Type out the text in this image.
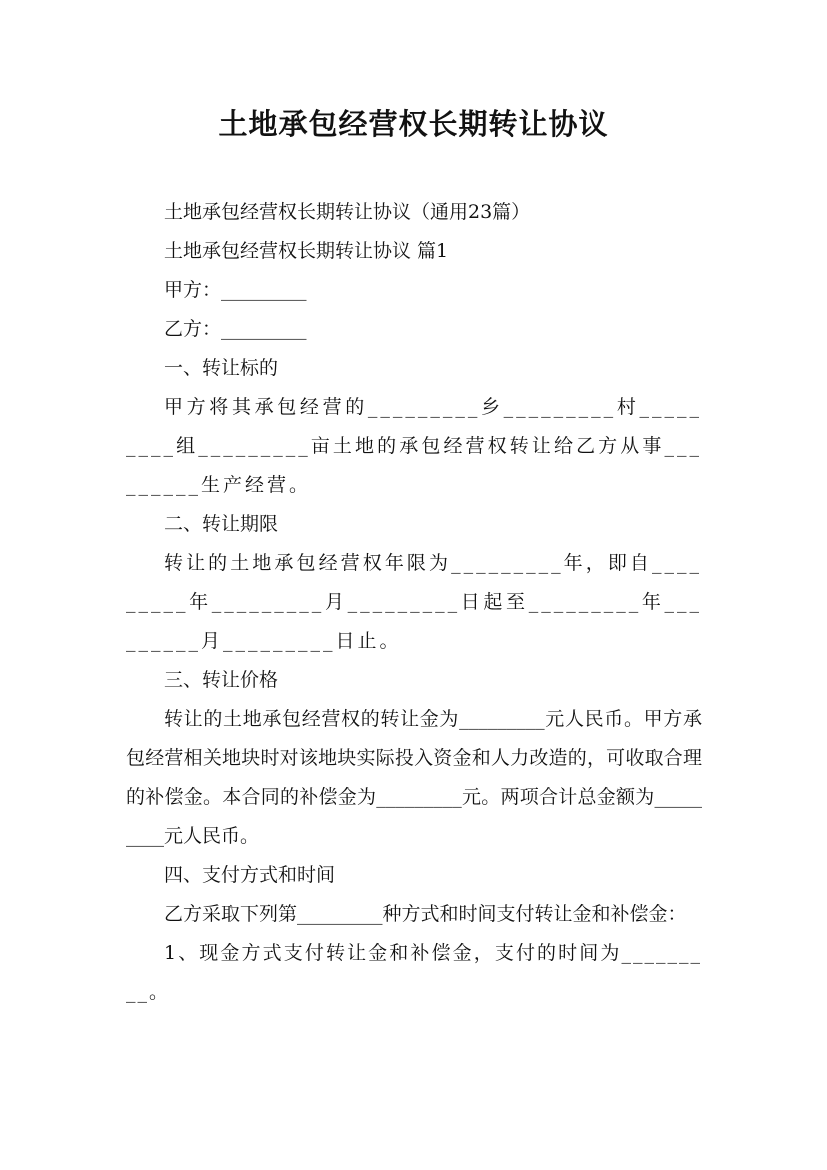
土地承包经营权长期转让协议

土地承包经营权长期转让协议（通用23篇）

土地承包经营权长期转让协议 篇1

甲方：_________

乙方：_________

一、转让标的

甲方将其承包经营的_________乡_________村_________组_________亩土地的承包经营权转让给乙方从事_________生产经营。

二、转让期限

转让的土地承包经营权年限为_________年，即自_________年_________月_________日起至_________年_________月_________日止。

三、转让价格

转让的土地承包经营权的转让金为_________元人民币。甲方承包经营相关地块时对该地块实际投入资金和人力改造的，可收取合理的补偿金。本合同的补偿金为_________元。两项合计总金额为_________元人民币。

四、支付方式和时间

乙方采取下列第_________种方式和时间支付转让金和补偿金：

1、现金方式支付转让金和补偿金，支付的时间为_________。
